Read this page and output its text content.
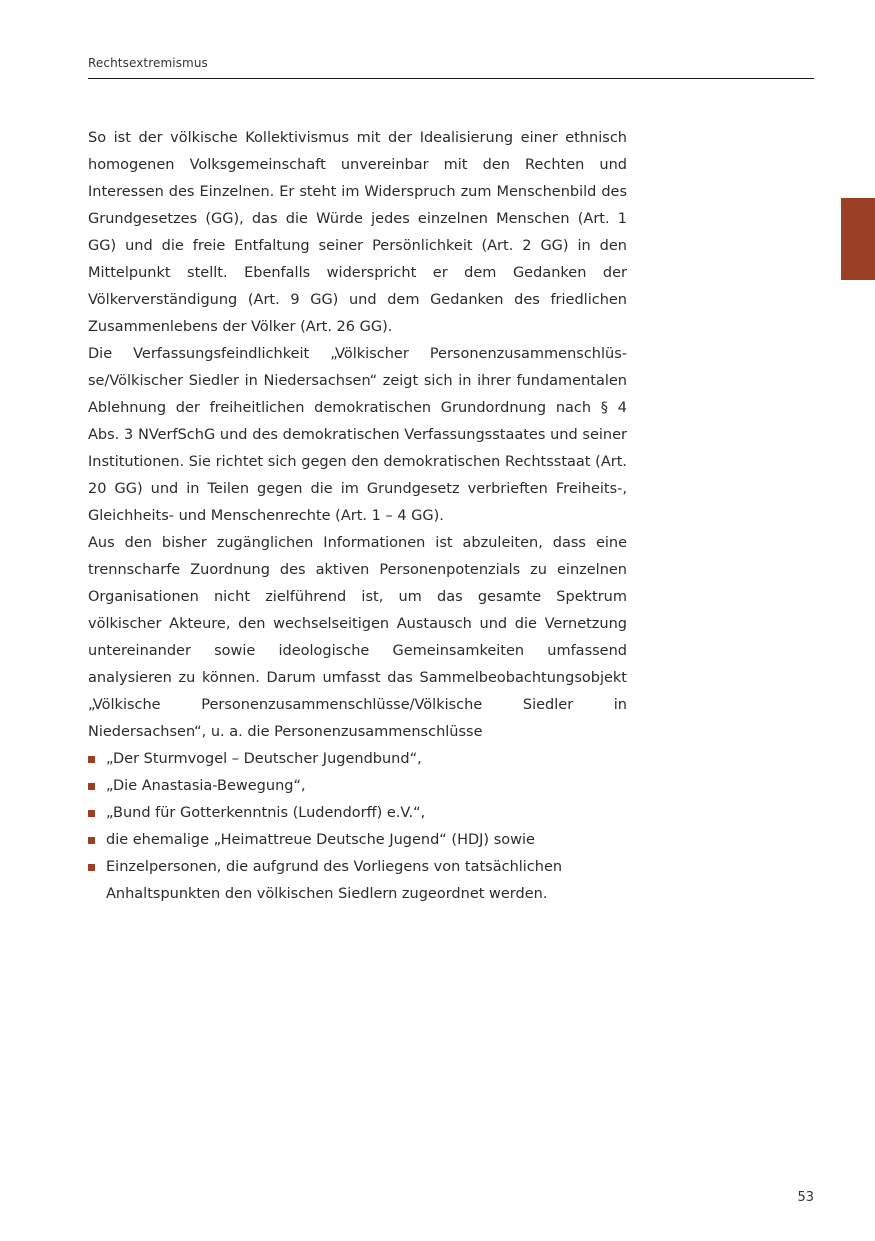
Rechtsextremismus

So ist der völkische Kollektivismus mit der Idealisierung einer ethnisch homogenen Volksgemeinschaft unvereinbar mit den Rechten und Interessen des Einzelnen. Er steht im Widerspruch zum Menschenbild des Grundgesetzes (GG), das die Würde jedes einzelnen Menschen (Art. 1 GG) und die freie Entfaltung seiner Persönlichkeit (Art. 2 GG) in den Mittelpunkt stellt. Ebenfalls widerspricht er dem Gedanken der Völkerverständigung (Art. 9 GG) und dem Gedanken des friedlichen Zusammenlebens der Völker (Art. 26 GG).

Die Verfassungsfeindlichkeit „Völkischer Personenzusammenschlüsse/Völkischer Siedler in Niedersachsen“ zeigt sich in ihrer fundamentalen Ablehnung der freiheitlichen demokratischen Grundordnung nach § 4 Abs. 3 NVerfSchG und des demokratischen Verfassungsstaates und seiner Institutionen. Sie richtet sich gegen den demokratischen Rechtsstaat (Art. 20 GG) und in Teilen gegen die im Grundgesetz verbrieften Freiheits-, Gleichheits- und Menschenrechte (Art. 1 – 4 GG).

Aus den bisher zugänglichen Informationen ist abzuleiten, dass eine trennscharfe Zuordnung des aktiven Personenpotenzials zu einzelnen Organisationen nicht zielführend ist, um das gesamte Spektrum völkischer Akteure, den wechselseitigen Austausch und die Vernetzung untereinander sowie ideologische Gemeinsamkeiten umfassend analysieren zu können. Darum umfasst das Sammelbeobachtungsobjekt „Völkische Personenzusammenschlüsse/Völkische Siedler in Niedersachsen“, u. a. die Personenzusammenschlüsse

„Der Sturmvogel – Deutscher Jugendbund“,
„Die Anastasia-Bewegung“,
„Bund für Gotterkenntnis (Ludendorff) e.V.“,
die ehemalige „Heimattreue Deutsche Jugend“ (HDJ) sowie
Einzelpersonen, die aufgrund des Vorliegens von tatsächlichen Anhaltspunkten den völkischen Siedlern zugeordnet werden.
53
